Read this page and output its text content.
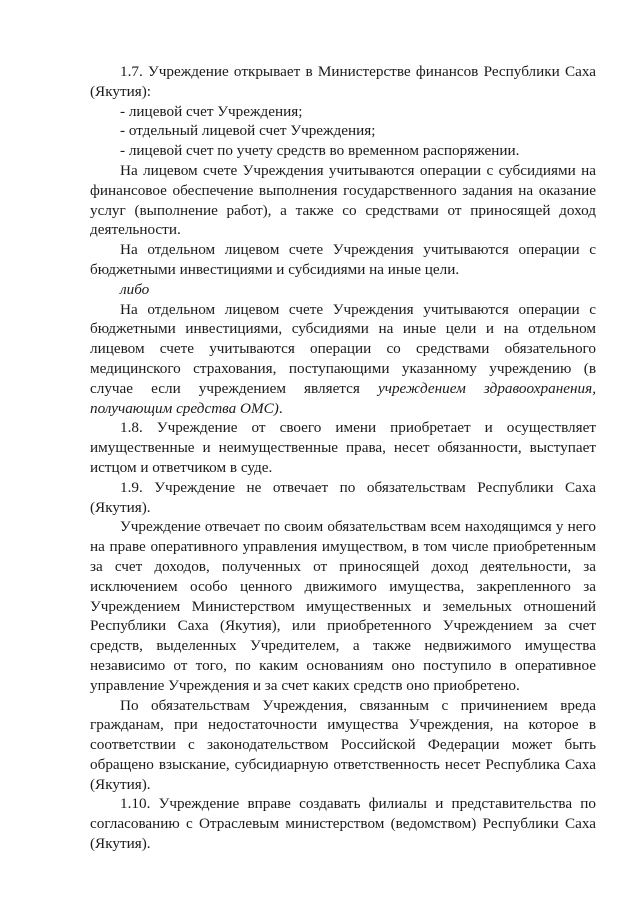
1.7. Учреждение открывает в Министерстве финансов Республики Саха (Якутия):

- лицевой счет Учреждения;

- отдельный лицевой счет Учреждения;

- лицевой счет по учету средств во временном распоряжении.

На лицевом счете Учреждения учитываются операции с субсидиями на финансовое обеспечение выполнения государственного задания на оказание услуг (выполнение работ), а также со средствами от приносящей доход деятельности.

На отдельном лицевом счете Учреждения учитываются операции с бюджетными инвестициями и субсидиями на иные цели.

либо

На отдельном лицевом счете Учреждения учитываются операции с бюджетными инвестициями, субсидиями на иные цели и на отдельном лицевом счете учитываются операции со средствами обязательного медицинского страхования, поступающими указанному учреждению (в случае если учреждением является учреждением здравоохранения, получающим средства ОМС).

1.8. Учреждение от своего имени приобретает и осуществляет имущественные и неимущественные права, несет обязанности, выступает истцом и ответчиком в суде.

1.9. Учреждение не отвечает по обязательствам Республики Саха (Якутия).

Учреждение отвечает по своим обязательствам всем находящимся у него на праве оперативного управления имуществом, в том числе приобретенным за счет доходов, полученных от приносящей доход деятельности, за исключением особо ценного движимого имущества, закрепленного за Учреждением Министерством имущественных и земельных отношений Республики Саха (Якутия), или приобретенного Учреждением за счет средств, выделенных Учредителем, а также недвижимого имущества независимо от того, по каким основаниям оно поступило в оперативное управление Учреждения и за счет каких средств оно приобретено.

По обязательствам Учреждения, связанным с причинением вреда гражданам, при недостаточности имущества Учреждения, на которое в соответствии с законодательством Российской Федерации может быть обращено взыскание, субсидиарную ответственность несет Республика Саха (Якутия).

1.10. Учреждение вправе создавать филиалы и представительства по согласованию с Отраслевым министерством (ведомством) Республики Саха (Якутия).
